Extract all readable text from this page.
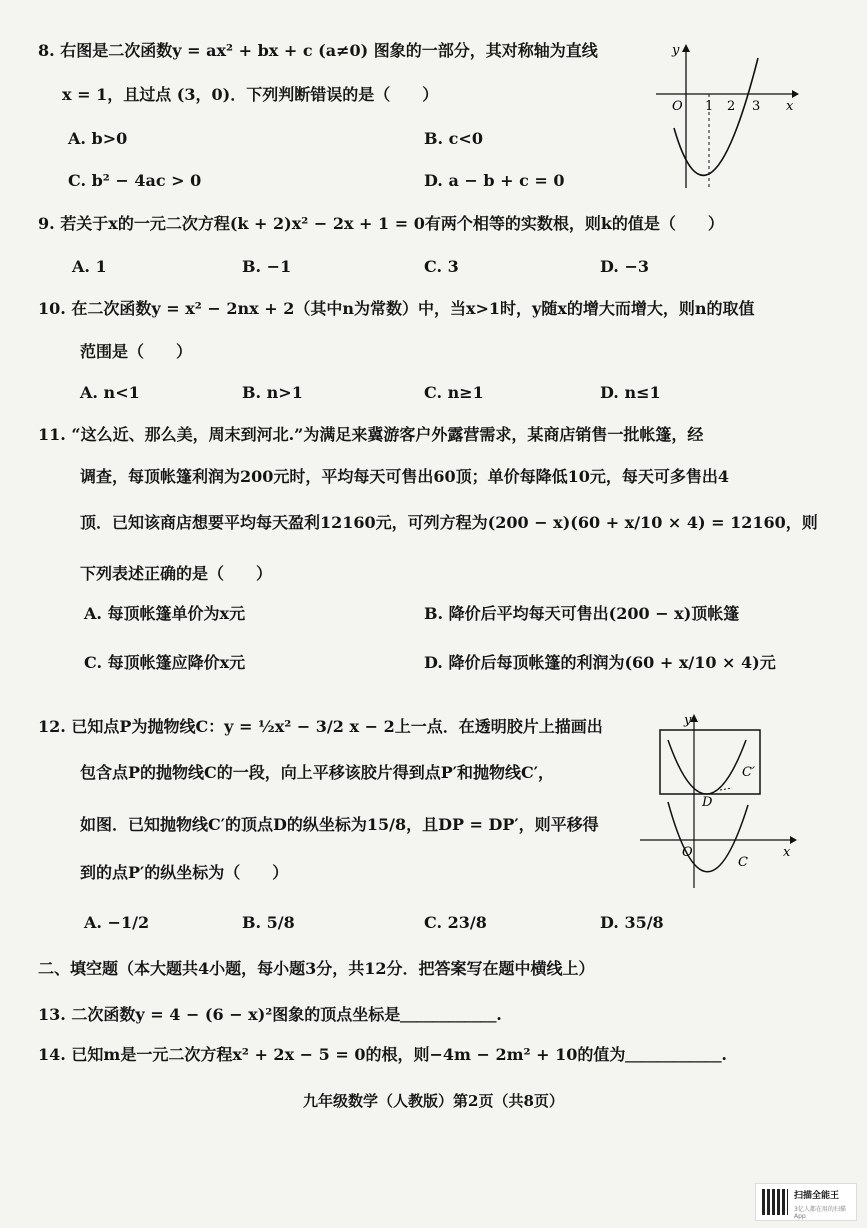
8. 右图是二次函数y = ax² + bx + c (a≠0) 图象的一部分，其对称轴为直线
x = 1，且过点 (3，0)．下列判断错误的是（　　）
A. b>0	B. c<0
C. b² − 4ac > 0	D. a − b + c = 0
y
x
O 1 2 3
9. 若关于x的一元二次方程(k + 2)x² − 2x + 1 = 0有两个相等的实数根，则k的值是（　　）
A. 1	B. −1	C. 3	D. −3
10. 在二次函数y = x² − 2nx + 2（其中n为常数）中，当x>1时，y随x的增大而增大，则n的取值
范围是（　　）
A. n<1	B. n>1	C. n≥1	D. n≤1
11. “这么近、那么美，周末到河北.”为满足来冀游客户外露营需求，某商店销售一批帐篷，经
调查，每顶帐篷利润为200元时，平均每天可售出60顶；单价每降低10元，每天可多售出4
顶．已知该商店想要平均每天盈利12160元，可列方程为(200 − x)(60 + x/10 × 4) = 12160，则
下列表述正确的是（　　）
A. 每顶帐篷单价为x元	B. 降价后平均每天可售出(200 − x)顶帐篷
C. 每顶帐篷应降价x元	D. 降价后每顶帐篷的利润为(60 + x/10 × 4)元
12. 已知点P为抛物线C：y = ½x² − 3/2 x − 2上一点．在透明胶片上描画出
包含点P的抛物线C的一段，向上平移该胶片得到点P′和抛物线C′，
如图．已知抛物线C′的顶点D的纵坐标为15/8，且DP = DP′，则平移得
到的点P′的纵坐标为（　　）
A. −1/2	B. 5/8	C. 23/8	D. 35/8
y
x
O
C′
C
D
二、填空题（本大题共4小题，每小题3分，共12分．把答案写在题中横线上）
13. 二次函数y = 4 − (6 − x)²图象的顶点坐标是＿＿＿＿＿＿.
14. 已知m是一元二次方程x² + 2x − 5 = 0的根，则−4m − 2m² + 10的值为＿＿＿＿＿＿.
九年级数学（人教版）第2页（共8页）
扫描全能王
3亿人都在用的扫描App
